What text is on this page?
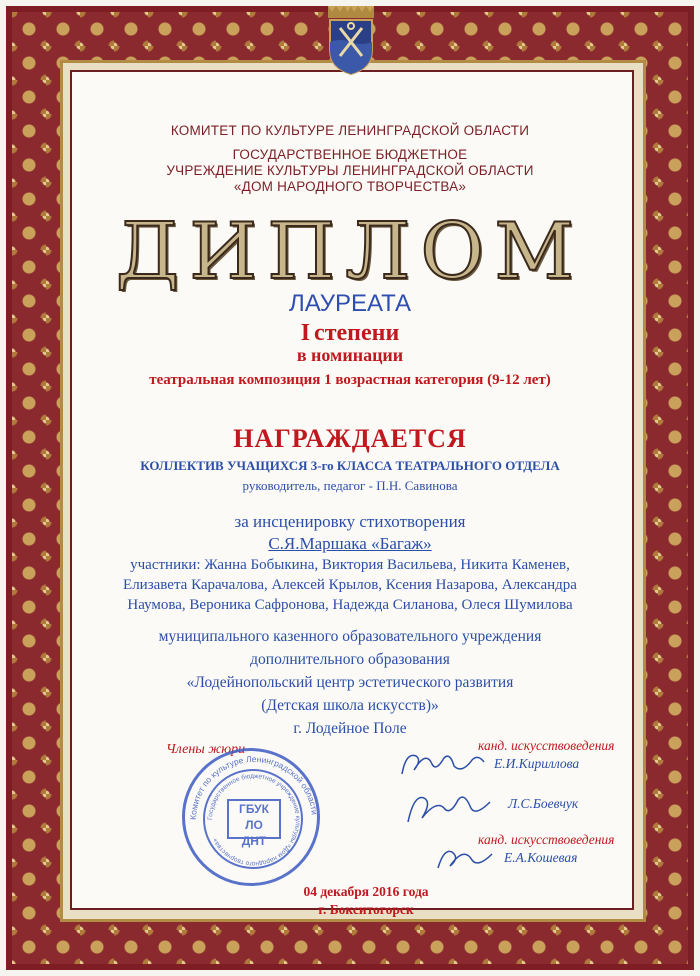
КОМИТЕТ ПО КУЛЬТУРЕ ЛЕНИНГРАДСКОЙ ОБЛАСТИ
ГОСУДАРСТВЕННОЕ БЮДЖЕТНОЕ
УЧРЕЖДЕНИЕ КУЛЬТУРЫ ЛЕНИНГРАДСКОЙ ОБЛАСТИ
«ДОМ НАРОДНОГО ТВОРЧЕСТВА»
ДИПЛОМ
ЛАУРЕАТА
I степени
в номинации
театральная композиция 1 возрастная категория (9-12 лет)
НАГРАЖДАЕТСЯ
КОЛЛЕКТИВ УЧАЩИХСЯ 3-го КЛАССА ТЕАТРАЛЬНОГО ОТДЕЛА
руководитель, педагог - П.Н. Савинова
за инсценировку стихотворения
С.Я.Маршака «Багаж»
участники: Жанна Бобыкина, Виктория Васильева, Никита Каменев,
Елизавета Карачалова, Алексей Крылов, Ксения Назарова, Александра
Наумова, Вероника Сафронова, Надежда Силанова, Олеся Шумилова
муниципального казенного образовательного учреждения
дополнительного образования
«Лодейнопольский центр эстетического развития
(Детская школа искусств)»
г. Лодейное Поле
Члены жюри	канд. искусствоведения
Е.И.Кириллова
Л.С.Боевчук
канд. искусствоведения
Е.А.Кошевая
Комитет по культуре Ленинградской области
Государственное бюджетное учреждение культуры «Дом народного творчества»
ГБУК ЛО
ДНТ
04 декабря 2016 года
г. Бокситогорск
